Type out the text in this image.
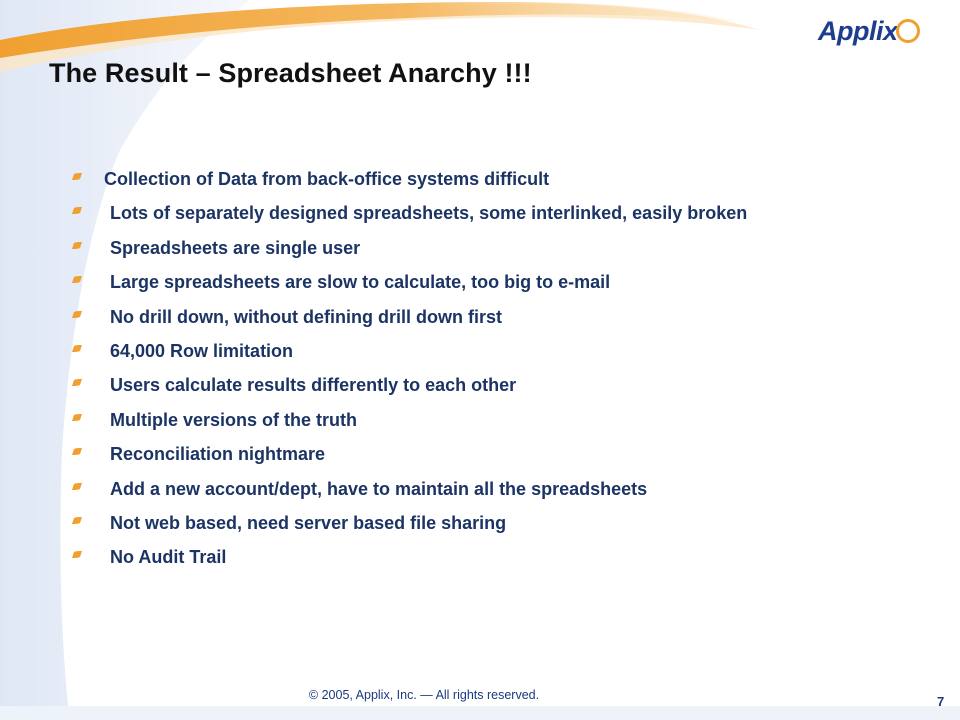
Applix
The Result – Spreadsheet Anarchy !!!
Collection of Data from back-office systems difficult
Lots of separately designed spreadsheets, some interlinked, easily broken
Spreadsheets are single user
Large spreadsheets are slow to calculate, too big to e-mail
No drill down, without defining drill down first
64,000 Row limitation
Users calculate results differently to each other
Multiple versions of the truth
Reconciliation nightmare
Add a new account/dept, have to maintain all the spreadsheets
Not web based, need server based file sharing
No Audit Trail
© 2005, Applix, Inc. — All rights reserved.	7
